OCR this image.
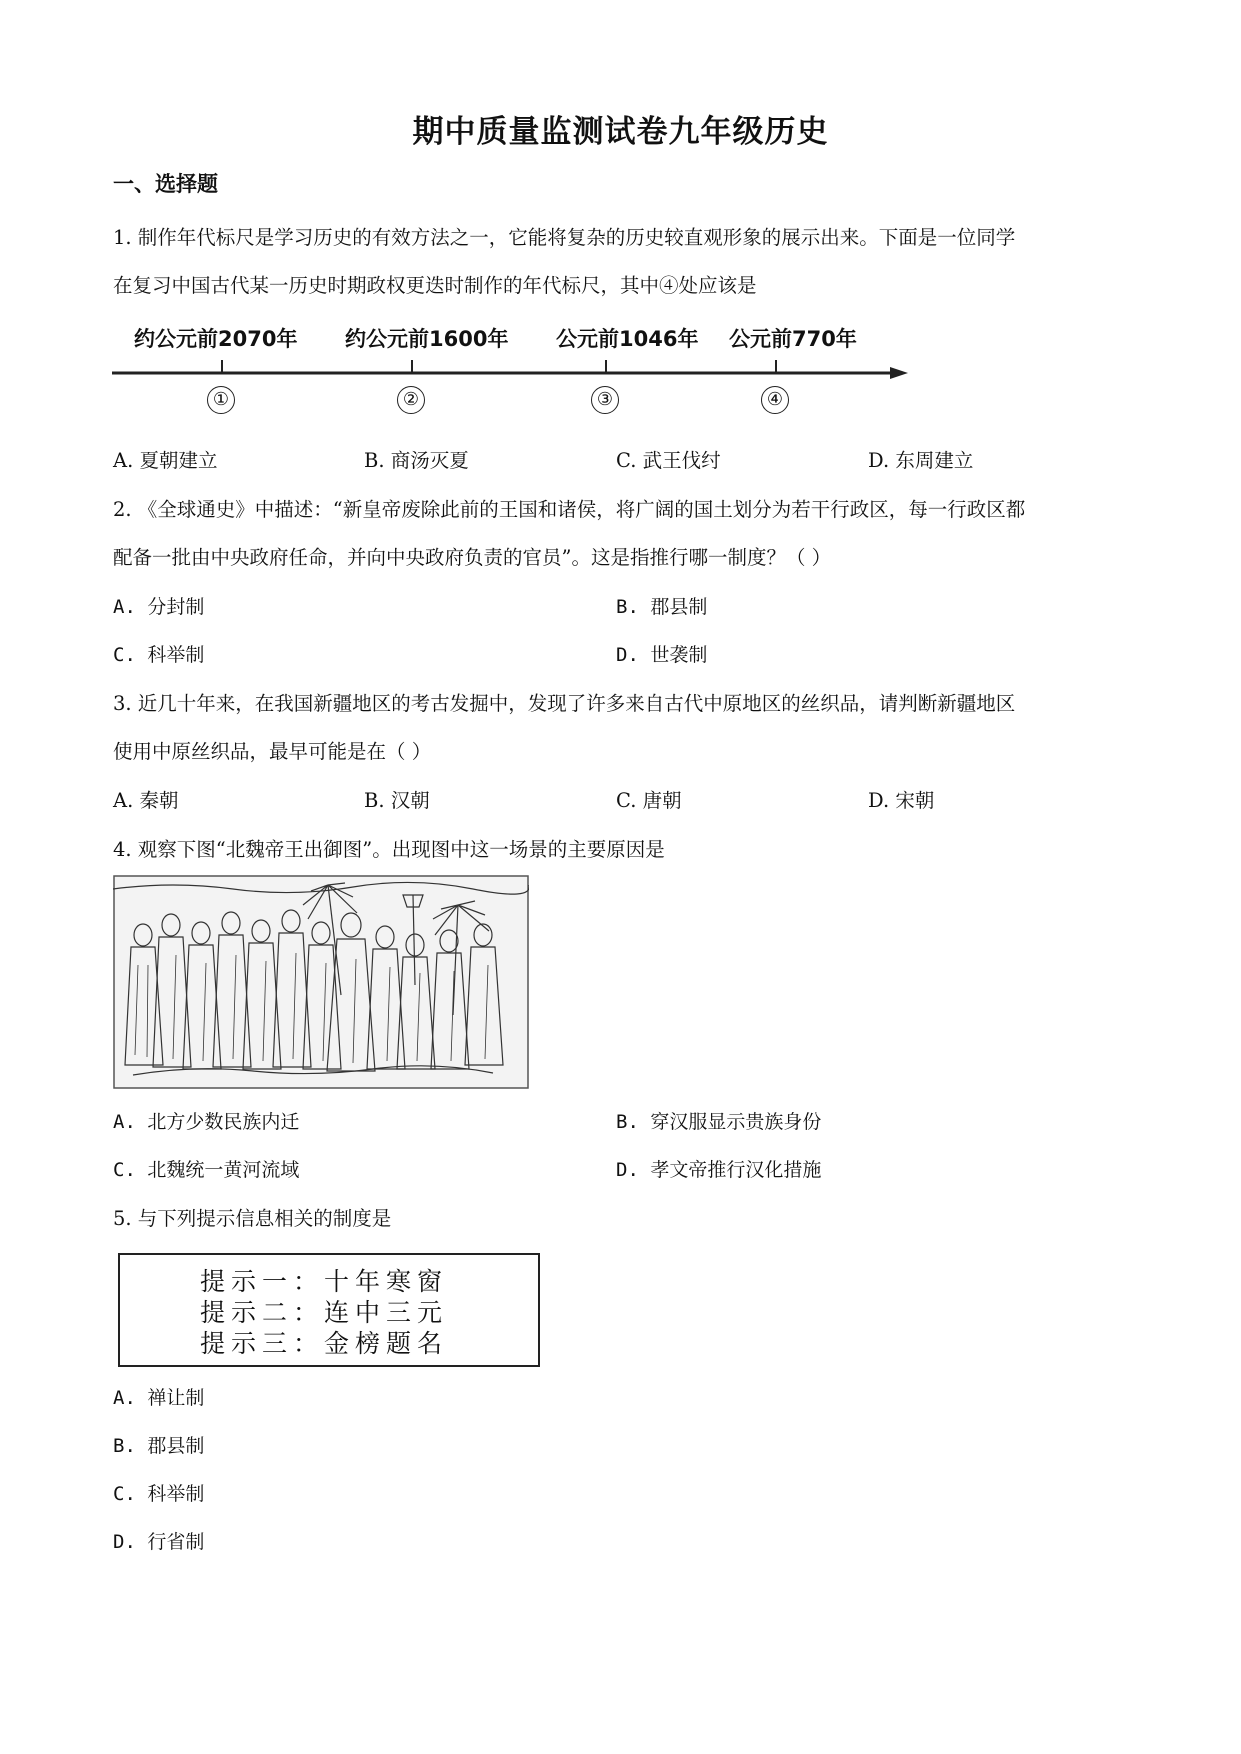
期中质量监测试卷九年级历史
一、选择题
1. 制作年代标尺是学习历史的有效方法之一，它能将复杂的历史较直观形象的展示出来。下面是一位同学
在复习中国古代某一历史时期政权更迭时制作的年代标尺，其中④处应该是
约公元前2070年 约公元前1600年 公元前1046年 公元前770年
①	②	③	④
A. 夏朝建立	B. 商汤灭夏	C. 武王伐纣	D. 东周建立
2. 《全球通史》中描述：“新皇帝废除此前的王国和诸侯，将广阔的国土划分为若干行政区，每一行政区都
配备一批由中央政府任命，并向中央政府负责的官员”。这是指推行哪一制度？（ ）
A. 分封制	B. 郡县制
C. 科举制	D. 世袭制
3. 近几十年来，在我国新疆地区的考古发掘中，发现了许多来自古代中原地区的丝织品，请判断新疆地区
使用中原丝织品，最早可能是在（ ）
A. 秦朝	B. 汉朝	C. 唐朝	D. 宋朝
4. 观察下图“北魏帝王出御图”。出现图中这一场景的主要原因是
A. 北方少数民族内迁	B. 穿汉服显示贵族身份
C. 北魏统一黄河流域	D. 孝文帝推行汉化措施
5. 与下列提示信息相关的制度是
提示一：十年寒窗
提示二：连中三元
提示三：金榜题名
A. 禅让制
B. 郡县制
C. 科举制
D. 行省制
